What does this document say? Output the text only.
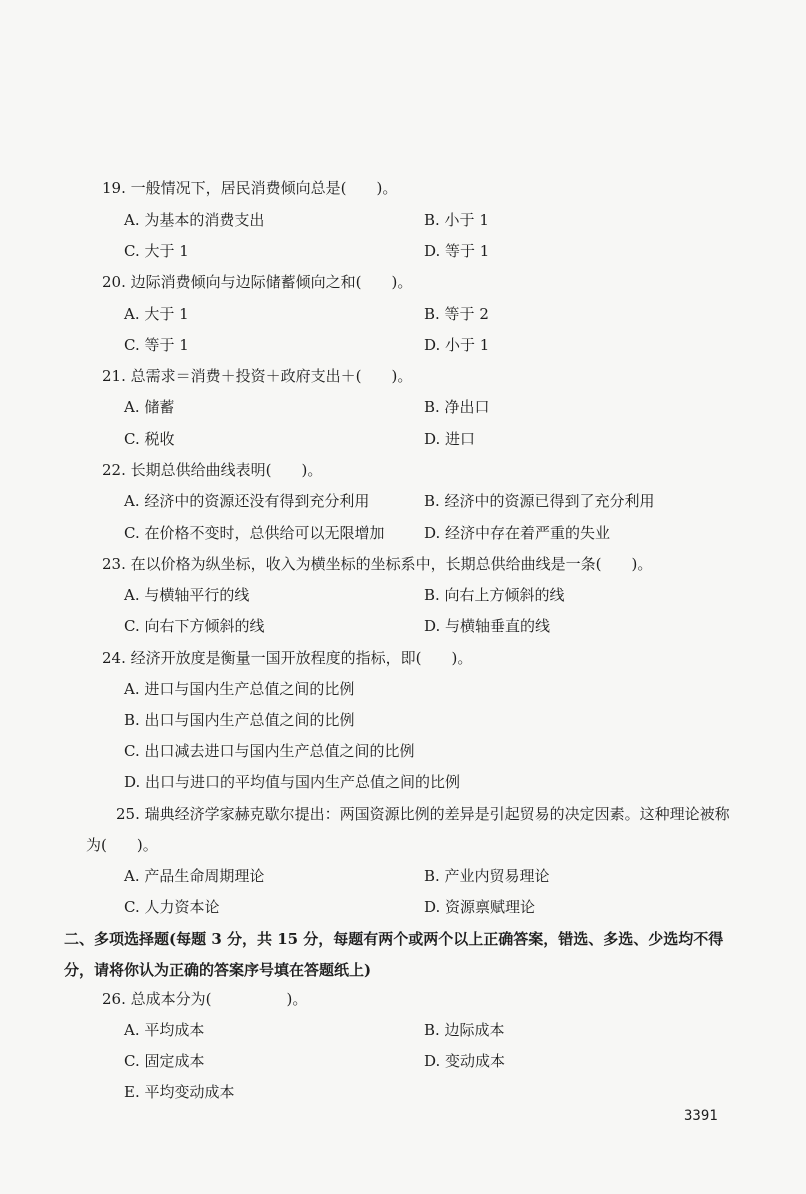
19. 一般情况下，居民消费倾向总是(　　)。
A. 为基本的消费支出	B. 小于 1
C. 大于 1	D. 等于 1
20. 边际消费倾向与边际储蓄倾向之和(　　)。
A. 大于 1	B. 等于 2
C. 等于 1	D. 小于 1
21. 总需求＝消费＋投资＋政府支出＋(　　)。
A. 储蓄	B. 净出口
C. 税收	D. 进口
22. 长期总供给曲线表明(　　)。
A. 经济中的资源还没有得到充分利用	B. 经济中的资源已得到了充分利用
C. 在价格不变时，总供给可以无限增加	D. 经济中存在着严重的失业
23. 在以价格为纵坐标，收入为横坐标的坐标系中，长期总供给曲线是一条(　　)。
A. 与横轴平行的线	B. 向右上方倾斜的线
C. 向右下方倾斜的线	D. 与横轴垂直的线
24. 经济开放度是衡量一国开放程度的指标，即(　　)。
A. 进口与国内生产总值之间的比例
B. 出口与国内生产总值之间的比例
C. 出口减去进口与国内生产总值之间的比例
D. 出口与进口的平均值与国内生产总值之间的比例
　　25. 瑞典经济学家赫克歇尔提出：两国资源比例的差异是引起贸易的决定因素。这种理论被称为(　　)。
A. 产品生命周期理论	B. 产业内贸易理论
C. 人力资本论	D. 资源禀赋理论
二、多项选择题(每题 3 分，共 15 分，每题有两个或两个以上正确答案，错选、多选、少选均不得分，请将你认为正确的答案序号填在答题纸上)
26. 总成本分为(　　　　　)。
A. 平均成本	B. 边际成本
C. 固定成本	D. 变动成本
E. 平均变动成本
3391
